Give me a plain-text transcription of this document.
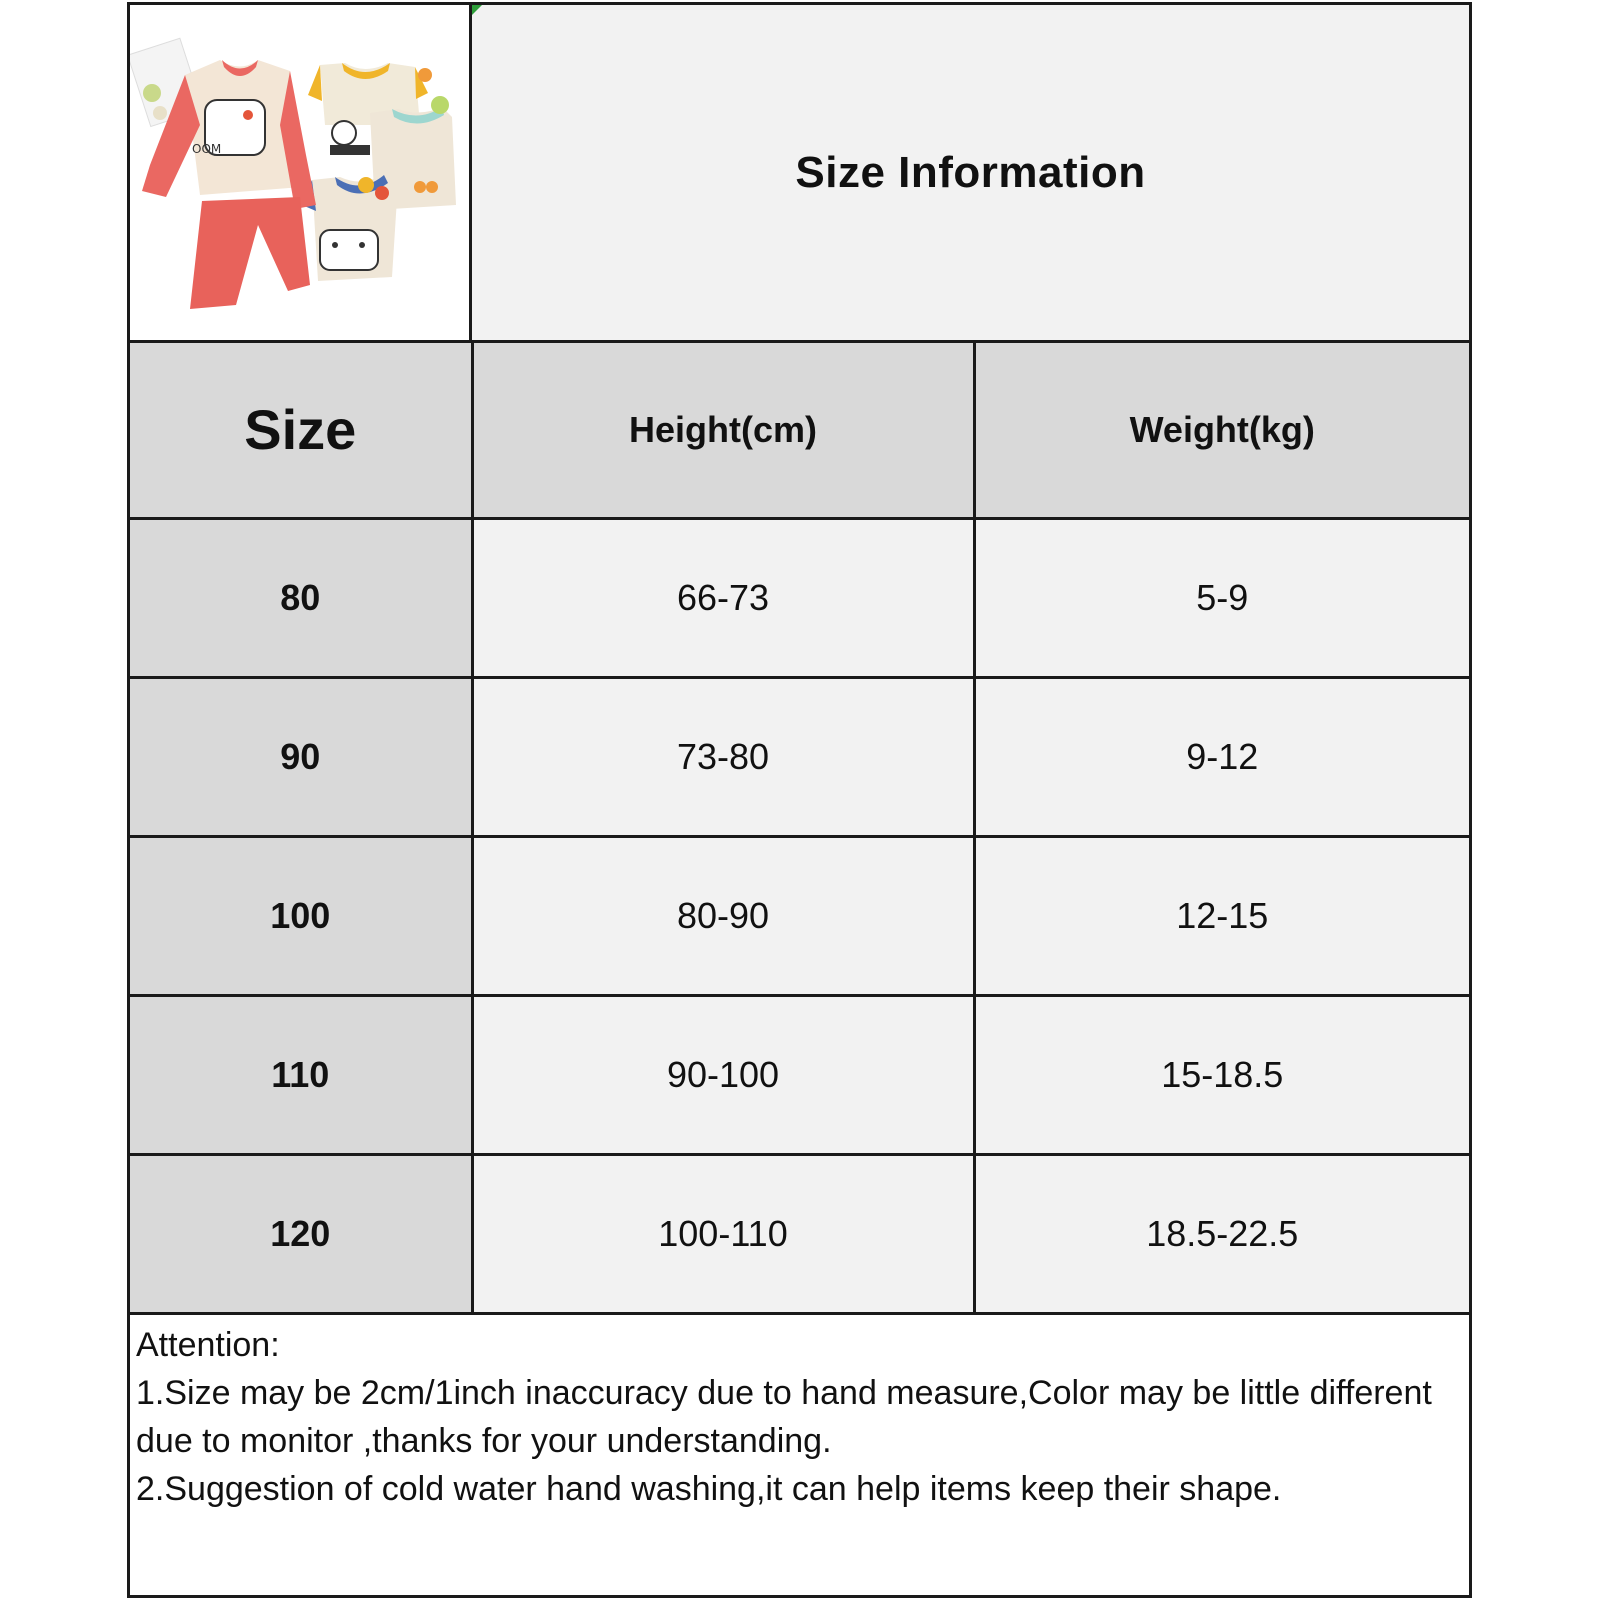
OOM	Size Information
Size	Height(cm)	Weight(kg)
80	66-73	5-9
90	73-80	9-12
100	80-90	12-15
110	90-100	15-18.5
120	100-110	18.5-22.5

Attention:

1.Size may be 2cm/1inch inaccuracy due to hand measure,Color may be little different due to monitor ,thanks for your understanding.

2.Suggestion of cold water hand washing,it can help items keep their shape.
